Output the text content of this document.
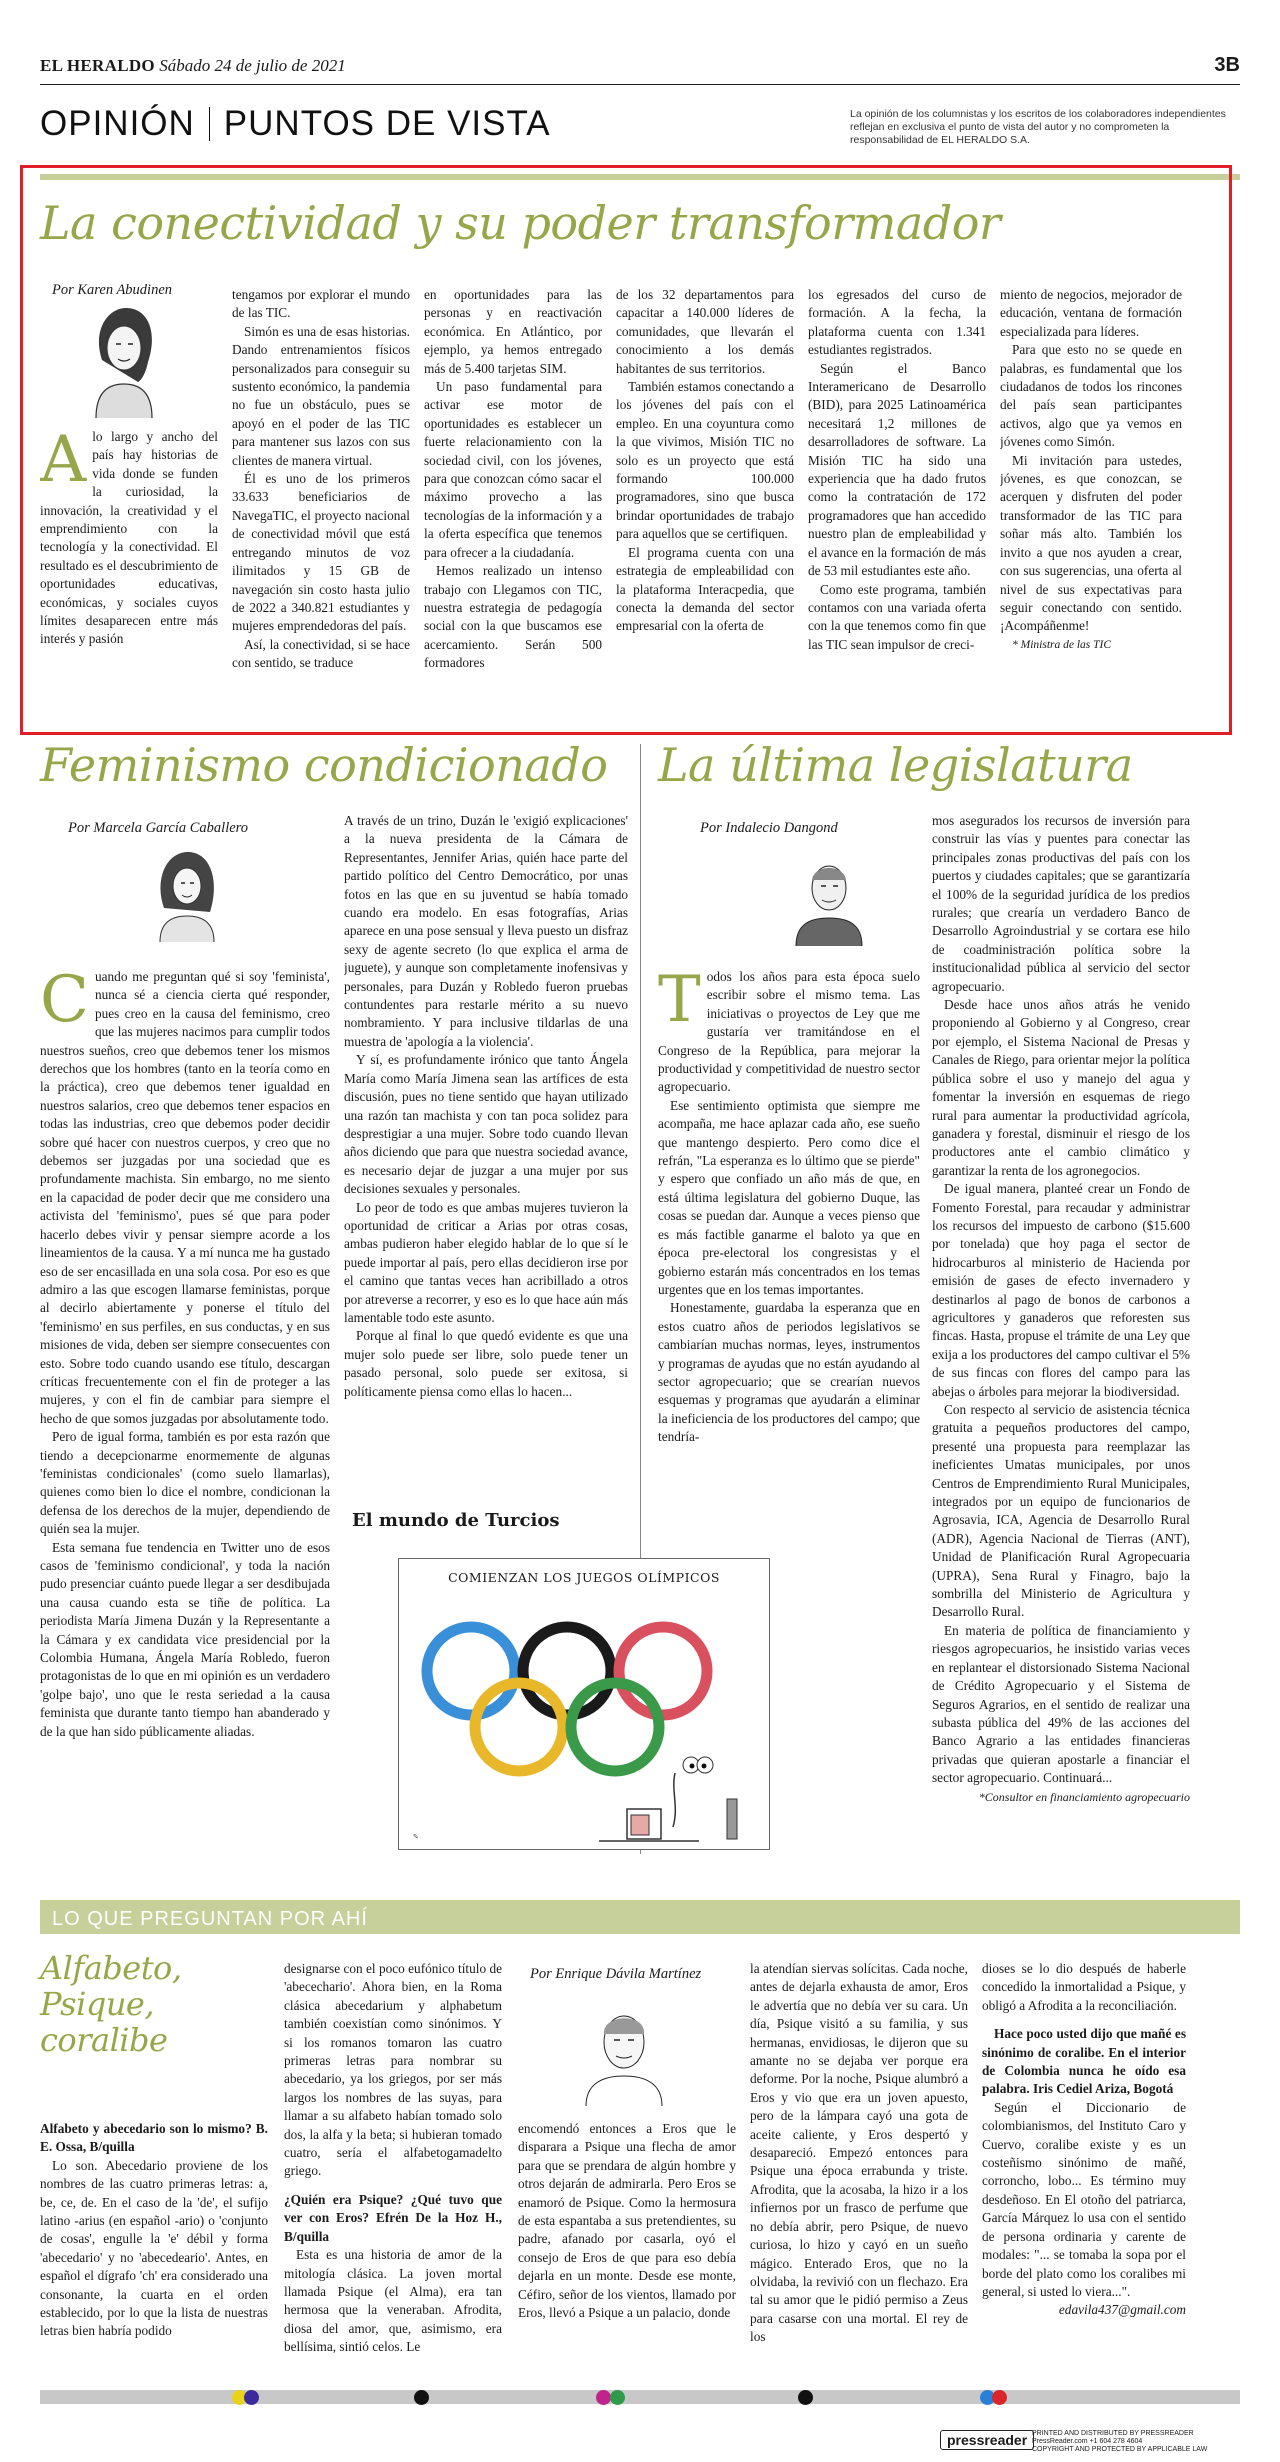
EL HERALDO Sábado 24 de julio de 2021	3B
OPINIÓN PUNTOS DE VISTA	La opinión de los columnistas y los escritos de los colaboradores independientes reflejan en exclusiva el punto de vista del autor y no comprometen la responsabilidad de EL HERALDO S.A.
La conectividad y su poder transformador
Por Karen Abudinen
A lo largo y ancho del país hay historias de vida donde se funden la curiosidad, la innovación, la creatividad y el emprendimiento con la tecnología y la conectividad. El resultado es el descubrimiento de oportunidades educativas, económicas, y sociales cuyos límites desaparecen entre más interés y pasión

tengamos por explorar el mundo de las TIC.

Simón es una de esas historias. Dando entrenamientos físicos personalizados para conseguir su sustento económico, la pandemia no fue un obstáculo, pues se apoyó en el poder de las TIC para mantener sus lazos con sus clientes de manera virtual.

Él es uno de los primeros 33.633 beneficiarios de NavegaTIC, el proyecto nacional de conectividad móvil que está entregando minutos de voz ilimitados y 15 GB de navegación sin costo hasta julio de 2022 a 340.821 estudiantes y mujeres emprendedoras del país.

Así, la conectividad, si se hace con sentido, se traduce

en oportunidades para las personas y en reactivación económica. En Atlántico, por ejemplo, ya hemos entregado más de 5.400 tarjetas SIM.

Un paso fundamental para activar ese motor de oportunidades es establecer un fuerte relacionamiento con la sociedad civil, con los jóvenes, para que conozcan cómo sacar el máximo provecho a las tecnologías de la información y a la oferta específica que tenemos para ofrecer a la ciudadanía.

Hemos realizado un intenso trabajo con Llegamos con TIC, nuestra estrategia de pedagogía social con la que buscamos ese acercamiento. Serán 500 formadores

de los 32 departamentos para capacitar a 140.000 líderes de comunidades, que llevarán el conocimiento a los demás habitantes de sus territorios.

También estamos conectando a los jóvenes del país con el empleo. En una coyuntura como la que vivimos, Misión TIC no solo es un proyecto que está formando 100.000 programadores, sino que busca brindar oportunidades de trabajo para aquellos que se certifiquen.

El programa cuenta con una estrategia de empleabilidad con la plataforma Interacpedia, que conecta la demanda del sector empresarial con la oferta de

los egresados del curso de formación. A la fecha, la plataforma cuenta con 1.341 estudiantes registrados.

Según el Banco Interamericano de Desarrollo (BID), para 2025 Latinoamérica necesitará 1,2 millones de desarrolladores de software. La Misión TIC ha sido una experiencia que ha dado frutos como la contratación de 172 programadores que han accedido nuestro plan de empleabilidad y el avance en la formación de más de 53 mil estudiantes este año.

Como este programa, también contamos con una variada oferta con la que tenemos como fin que las TIC sean impulsor de creci-

miento de negocios, mejorador de educación, ventana de formación especializada para líderes.

Para que esto no se quede en palabras, es fundamental que los ciudadanos de todos los rincones del país sean participantes activos, algo que ya vemos en jóvenes como Simón.

Mi invitación para ustedes, jóvenes, es que conozcan, se acerquen y disfruten del poder transformador de las TIC para soñar más alto. También los invito a que nos ayuden a crear, con sus sugerencias, una oferta al nivel de sus expectativas para seguir conectando con sentido. ¡Acompáñenme!

* Ministra de las TIC

Feminismo condicionado
Por Marcela García Caballero

Cuando me preguntan qué si soy 'feminista', nunca sé a ciencia cierta qué responder, pues creo en la causa del feminismo, creo que las mujeres nacimos para cumplir todos nuestros sueños, creo que debemos tener los mismos derechos que los hombres (tanto en la teoría como en la práctica), creo que debemos tener igualdad en nuestros salarios, creo que debemos tener espacios en todas las industrias, creo que debemos poder decidir sobre qué hacer con nuestros cuerpos, y creo que no debemos ser juzgadas por una sociedad que es profundamente machista. Sin embargo, no me siento en la capacidad de poder decir que me considero una activista del 'feminismo', pues sé que para poder hacerlo debes vivir y pensar siempre acorde a los lineamientos de la causa. Y a mí nunca me ha gustado eso de ser encasillada en una sola cosa. Por eso es que admiro a las que escogen llamarse feministas, porque al decirlo abiertamente y ponerse el título del 'feminismo' en sus perfiles, en sus conductas, y en sus misiones de vida, deben ser siempre consecuentes con esto. Sobre todo cuando usando ese título, descargan críticas frecuentemente con el fin de proteger a las mujeres, y con el fin de cambiar para siempre el hecho de que somos juzgadas por absolutamente todo.

Pero de igual forma, también es por esta razón que tiendo a decepcionarme enormemente de algunas 'feministas condicionales' (como suelo llamarlas), quienes como bien lo dice el nombre, condicionan la defensa de los derechos de la mujer, dependiendo de quién sea la mujer.

Esta semana fue tendencia en Twitter uno de esos casos de 'feminismo condicional', y toda la nación pudo presenciar cuánto puede llegar a ser desdibujada una causa cuando esta se tiñe de política. La periodista María Jimena Duzán y la Representante a la Cámara y ex candidata vice presidencial por la Colombia Humana, Ángela María Robledo, fueron protagonistas de lo que en mi opinión es un verdadero 'golpe bajo', uno que le resta seriedad a la causa feminista que durante tanto tiempo han abanderado y de la que han sido públicamente aliadas.

A través de un trino, Duzán le 'exigió explicaciones' a la nueva presidenta de la Cámara de Representantes, Jennifer Arias, quién hace parte del partido político del Centro Democrático, por unas fotos en las que en su juventud se había tomado cuando era modelo. En esas fotografías, Arias aparece en una pose sensual y lleva puesto un disfraz sexy de agente secreto (lo que explica el arma de juguete), y aunque son completamente inofensivas y personales, para Duzán y Robledo fueron pruebas contundentes para restarle mérito a su nuevo nombramiento. Y para inclusive tildarlas de una muestra de 'apología a la violencia'.

Y sí, es profundamente irónico que tanto Ángela María como María Jimena sean las artífices de esta discusión, pues no tiene sentido que hayan utilizado una razón tan machista y con tan poca solidez para desprestigiar a una mujer. Sobre todo cuando llevan años diciendo que para que nuestra sociedad avance, es necesario dejar de juzgar a una mujer por sus decisiones sexuales y personales.

Lo peor de todo es que ambas mujeres tuvieron la oportunidad de criticar a Arias por otras cosas, ambas pudieron haber elegido hablar de lo que sí le puede importar al país, pero ellas decidieron irse por el camino que tantas veces han acribillado a otros por atreverse a recorrer, y eso es lo que hace aún más lamentable todo este asunto.

Porque al final lo que quedó evidente es que una mujer solo puede ser libre, solo puede tener un pasado personal, solo puede ser exitosa, si políticamente piensa como ellas lo hacen...

El mundo de Turcios
✎
COMIENZAN LOS JUEGOS OLÍMPICOS
La última legislatura
Por Indalecio Dangond

Todos los años para esta época suelo escribir sobre el mismo tema. Las iniciativas o proyectos de Ley que me gustaría ver tramitándose en el Congreso de la República, para mejorar la productividad y competitividad de nuestro sector agropecuario.

Ese sentimiento optimista que siempre me acompaña, me hace aplazar cada año, ese sueño que mantengo despierto. Pero como dice el refrán, "La esperanza es lo último que se pierde" y espero que confiado un año más de que, en está última legislatura del gobierno Duque, las cosas se puedan dar. Aunque a veces pienso que es más factible ganarme el baloto ya que en época pre-electoral los congresistas y el gobierno estarán más concentrados en los temas urgentes que en los temas importantes.

Honestamente, guardaba la esperanza que en estos cuatro años de periodos legislativos se cambiarían muchas normas, leyes, instrumentos y programas de ayudas que no están ayudando al sector agropecuario; que se crearían nuevos esquemas y programas que ayudarán a eliminar la ineficiencia de los productores del campo; que tendría-

mos asegurados los recursos de inversión para construir las vías y puentes para conectar las principales zonas productivas del país con los puertos y ciudades capitales; que se garantizaría el 100% de la seguridad jurídica de los predios rurales; que crearía un verdadero Banco de Desarrollo Agroindustrial y se cortara ese hilo de coadministración política sobre la institucionalidad pública al servicio del sector agropecuario.

Desde hace unos años atrás he venido proponiendo al Gobierno y al Congreso, crear por ejemplo, el Sistema Nacional de Presas y Canales de Riego, para orientar mejor la política pública sobre el uso y manejo del agua y fomentar la inversión en esquemas de riego rural para aumentar la productividad agrícola, ganadera y forestal, disminuir el riesgo de los productores ante el cambio climático y garantizar la renta de los agronegocios.

De igual manera, planteé crear un Fondo de Fomento Forestal, para recaudar y administrar los recursos del impuesto de carbono ($15.600 por tonelada) que hoy paga el sector de hidrocarburos al ministerio de Hacienda por emisión de gases de efecto invernadero y destinarlos al pago de bonos de carbonos a agricultores y ganaderos que reforesten sus fincas. Hasta, propuse el trámite de una Ley que exija a los productores del campo cultivar el 5% de sus fincas con flores del campo para las abejas o árboles para mejorar la biodiversidad.

Con respecto al servicio de asistencia técnica gratuita a pequeños productores del campo, presenté una propuesta para reemplazar las ineficientes Umatas municipales, por unos Centros de Emprendimiento Rural Municipales, integrados por un equipo de funcionarios de Agrosavia, ICA, Agencia de Desarrollo Rural (ADR), Agencia Nacional de Tierras (ANT), Unidad de Planificación Rural Agropecuaria (UPRA), Sena Rural y Finagro, bajo la sombrilla del Ministerio de Agricultura y Desarrollo Rural.

En materia de política de financiamiento y riesgos agropecuarios, he insistido varias veces en replantear el distorsionado Sistema Nacional de Crédito Agropecuario y el Sistema de Seguros Agrarios, en el sentido de realizar una subasta pública del 49% de las acciones del Banco Agrario a las entidades financieras privadas que quieran apostarle a financiar el sector agropecuario. Continuará...

*Consultor en financiamiento agropecuario

LO QUE PREGUNTAN POR AHÍ
Alfabeto, Psique, coralibe

Alfabeto y abecedario son lo mismo? B. E. Ossa, B/quilla

Lo son. Abecedario proviene de los nombres de las cuatro primeras letras: a, be, ce, de. En el caso de la 'de', el sufijo latino -arius (en español -ario) o 'conjunto de cosas', engulle la 'e' débil y forma 'abecedario' y no 'abecedeario'. Antes, en español el dígrafo 'ch' era considerado una consonante, la cuarta en el orden establecido, por lo que la lista de nuestras letras bien habría podido

designarse con el poco eufónico título de 'abecechario'. Ahora bien, en la Roma clásica abecedarium y alphabetum también coexistían como sinónimos. Y si los romanos tomaron las cuatro primeras letras para nombrar su abecedario, ya los griegos, por ser más largos los nombres de las suyas, para llamar a su alfabeto habían tomado solo dos, la alfa y la beta; si hubieran tomado cuatro, sería el alfabetogamadelto griego.

¿Quién era Psique? ¿Qué tuvo que ver con Eros? Efrén De la Hoz H., B/quilla

Esta es una historia de amor de la mitología clásica. La joven mortal llamada Psique (el Alma), era tan hermosa que la veneraban. Afrodita, diosa del amor, que, asimismo, era bellísima, sintió celos. Le

Por Enrique Dávila Martínez

encomendó entonces a Eros que le disparara a Psique una flecha de amor para que se prendara de algún hombre y otros dejarán de admirarla. Pero Eros se enamoró de Psique. Como la hermosura de esta espantaba a sus pretendientes, su padre, afanado por casarla, oyó el consejo de Eros de que para eso debía dejarla en un monte. Desde ese monte, Céfiro, señor de los vientos, llamado por Eros, llevó a Psique a un palacio, donde

la atendían siervas solícitas. Cada noche, antes de dejarla exhausta de amor, Eros le advertía que no debía ver su cara. Un día, Psique visitó a su familia, y sus hermanas, envidiosas, le dijeron que su amante no se dejaba ver porque era deforme. Por la noche, Psique alumbró a Eros y vio que era un joven apuesto, pero de la lámpara cayó una gota de aceite caliente, y Eros despertó y desapareció. Empezó entonces para Psique una época errabunda y triste. Afrodita, que la acosaba, la hizo ir a los infiernos por un frasco de perfume que no debía abrir, pero Psique, de nuevo curiosa, lo hizo y cayó en un sueño mágico. Enterado Eros, que no la olvidaba, la revivió con un flechazo. Era tal su amor que le pidió permiso a Zeus para casarse con una mortal. El rey de los

dioses se lo dio después de haberle concedido la inmortalidad a Psique, y obligó a Afrodita a la reconciliación.

Hace poco usted dijo que mañé es sinónimo de coralibe. En el interior de Colombia nunca he oído esa palabra. Iris Cediel Ariza, Bogotá

Según el Diccionario de colombianismos, del Instituto Caro y Cuervo, coralibe existe y es un costeñismo sinónimo de mañé, corroncho, lobo... Es término muy desdeñoso. En El otoño del patriarca, García Márquez lo usa con el sentido de persona ordinaria y carente de modales: "... se tomaba la sopa por el borde del plato como los coralibes mi general, si usted lo viera...".

edavila437@gmail.com

pressreader PRINTED AND DISTRIBUTED BY PRESSREADER
PressReader.com +1 604 278 4604
COPYRIGHT AND PROTECTED BY APPLICABLE LAW
